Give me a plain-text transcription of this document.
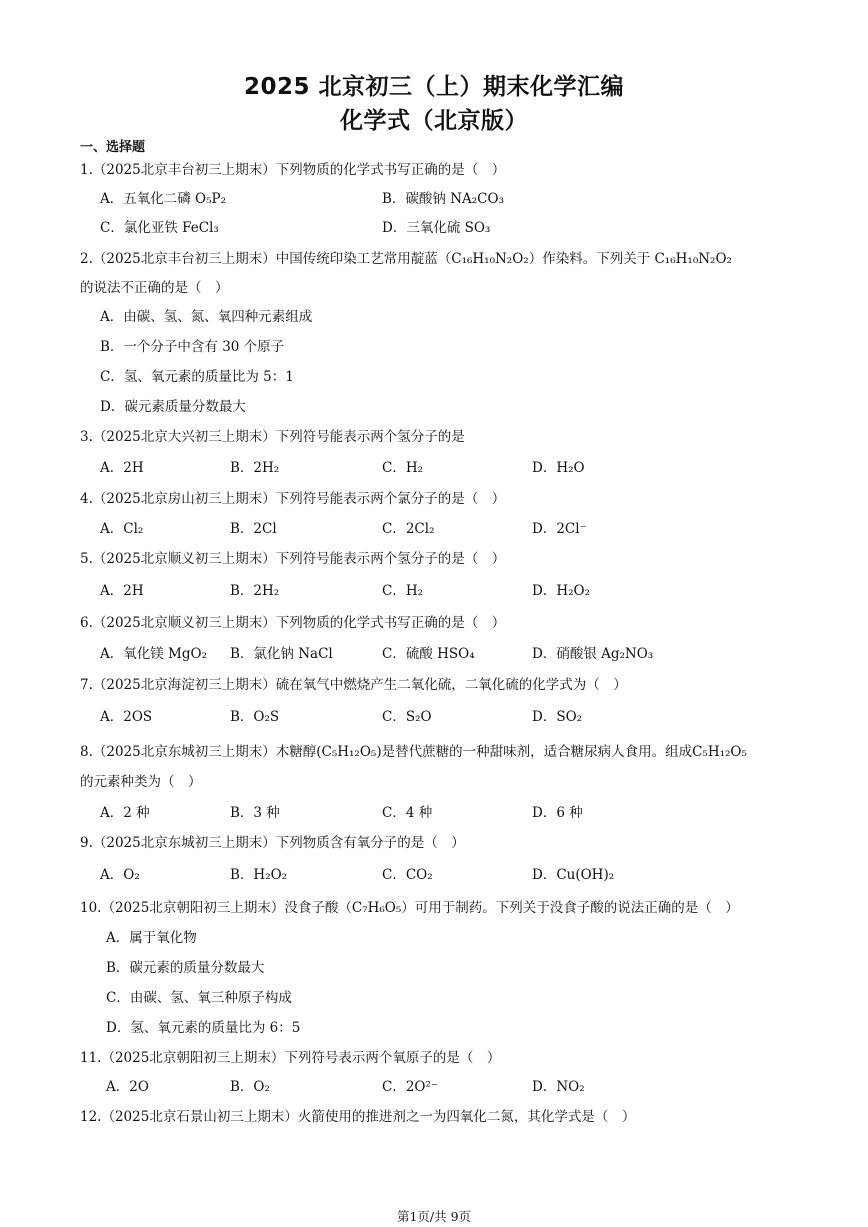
2025 北京初三（上）期末化学汇编
化学式（北京版）
一、选择题
1.（2025北京丰台初三上期末）下列物质的化学式书写正确的是（　）
A．五氧化二磷 O₅P₂	B．碳酸钠 NA₂CO₃
C．氯化亚铁 FeCl₃	D．三氧化硫 SO₃
2.（2025北京丰台初三上期末）中国传统印染工艺常用靛蓝（C₁₆H₁₀N₂O₂）作染料。下列关于 C₁₆H₁₀N₂O₂
的说法不正确的是（　）
A．由碳、氢、氮、氧四种元素组成
B．一个分子中含有 30 个原子
C．氢、氧元素的质量比为 5：1
D．碳元素质量分数最大
3.（2025北京大兴初三上期末）下列符号能表示两个氢分子的是
A．2H	B．2H₂	C．H₂	D．H₂O
4.（2025北京房山初三上期末）下列符号能表示两个氯分子的是（　）
A．Cl₂	B．2Cl	C．2Cl₂	D．2Cl⁻
5.（2025北京顺义初三上期末）下列符号能表示两个氢分子的是（　）
A．2H	B．2H₂	C．H₂	D．H₂O₂
6.（2025北京顺义初三上期末）下列物质的化学式书写正确的是（　）
A．氧化镁 MgO₂ B．氯化钠 NaCl	C．硫酸 HSO₄	D．硝酸银 Ag₂NO₃
7.（2025北京海淀初三上期末）硫在氧气中燃烧产生二氧化硫，二氧化硫的化学式为（　）
A．2OS	B．O₂S	C．S₂O	D．SO₂
8.（2025北京东城初三上期末）木糖醇(C₅H₁₂O₅)是替代蔗糖的一种甜味剂，适合糖尿病人食用。组成C₅H₁₂O₅
的元素种类为（　）
A．2 种	B．3 种	C．4 种	D．6 种
9.（2025北京东城初三上期末）下列物质含有氧分子的是（　）
A．O₂	B．H₂O₂	C．CO₂	D．Cu(OH)₂
10.（2025北京朝阳初三上期末）没食子酸（C₇H₆O₅）可用于制药。下列关于没食子酸的说法正确的是（　）
A．属于氧化物
B．碳元素的质量分数最大
C．由碳、氢、氧三种原子构成
D．氢、氧元素的质量比为 6：5
11.（2025北京朝阳初三上期末）下列符号表示两个氧原子的是（　）
A．2O	B．O₂	C．2O²⁻	D．NO₂
12.（2025北京石景山初三上期末）火箭使用的推进剂之一为四氧化二氮，其化学式是（　）
第1页/共 9页
